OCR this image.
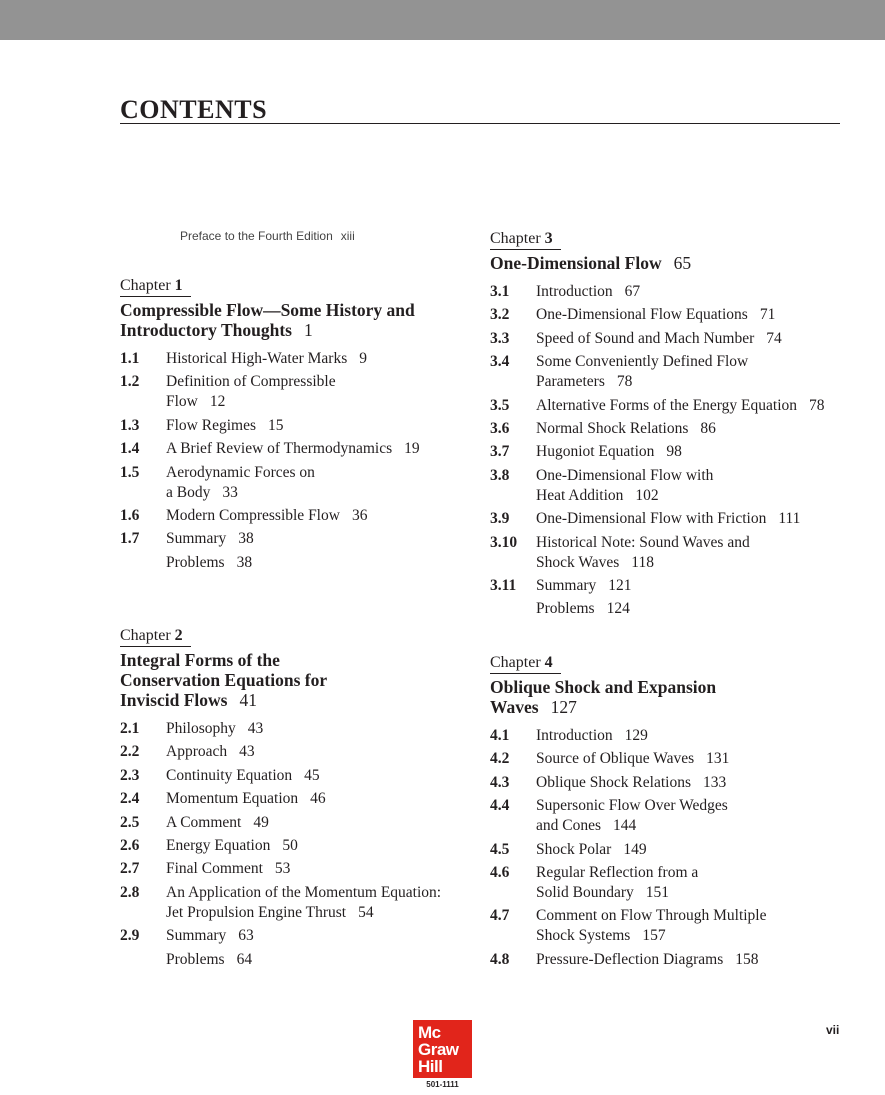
CONTENTS
Preface to the Fourth Edition xiii
Chapter 1
Compressible Flow—Some History and
Introductory Thoughts 1
1.1	Historical High-Water Marks 9
1.2	Definition of Compressible
Flow 12
1.3	Flow Regimes 15
1.4	A Brief Review of Thermodynamics 19
1.5	Aerodynamic Forces on
a Body 33
1.6	Modern Compressible Flow 36
1.7	Summary 38
Problems 38
Chapter 2
Integral Forms of the
Conservation Equations for
Inviscid Flows 41
2.1	Philosophy 43
2.2	Approach 43
2.3	Continuity Equation 45
2.4	Momentum Equation 46
2.5	A Comment 49
2.6	Energy Equation 50
2.7	Final Comment 53
2.8	An Application of the Momentum Equation:
Jet Propulsion Engine Thrust 54
2.9	Summary 63
Problems 64
Chapter 3
One-Dimensional Flow 65
3.1	Introduction 67
3.2	One-Dimensional Flow Equations 71
3.3	Speed of Sound and Mach Number 74
3.4	Some Conveniently Defined Flow
Parameters 78
3.5	Alternative Forms of the Energy Equation 78
3.6	Normal Shock Relations 86
3.7	Hugoniot Equation 98
3.8	One-Dimensional Flow with
Heat Addition 102
3.9	One-Dimensional Flow with Friction 111
3.10	Historical Note: Sound Waves and
Shock Waves 118
3.11	Summary 121
Problems 124
Chapter 4
Oblique Shock and Expansion
Waves 127
4.1	Introduction 129
4.2	Source of Oblique Waves 131
4.3	Oblique Shock Relations 133
4.4	Supersonic Flow Over Wedges
and Cones 144
4.5	Shock Polar 149
4.6	Regular Reflection from a
Solid Boundary 151
4.7	Comment on Flow Through Multiple
Shock Systems 157
4.8	Pressure-Deflection Diagrams 158
Mc
Graw
Hill
501-1111
vii
